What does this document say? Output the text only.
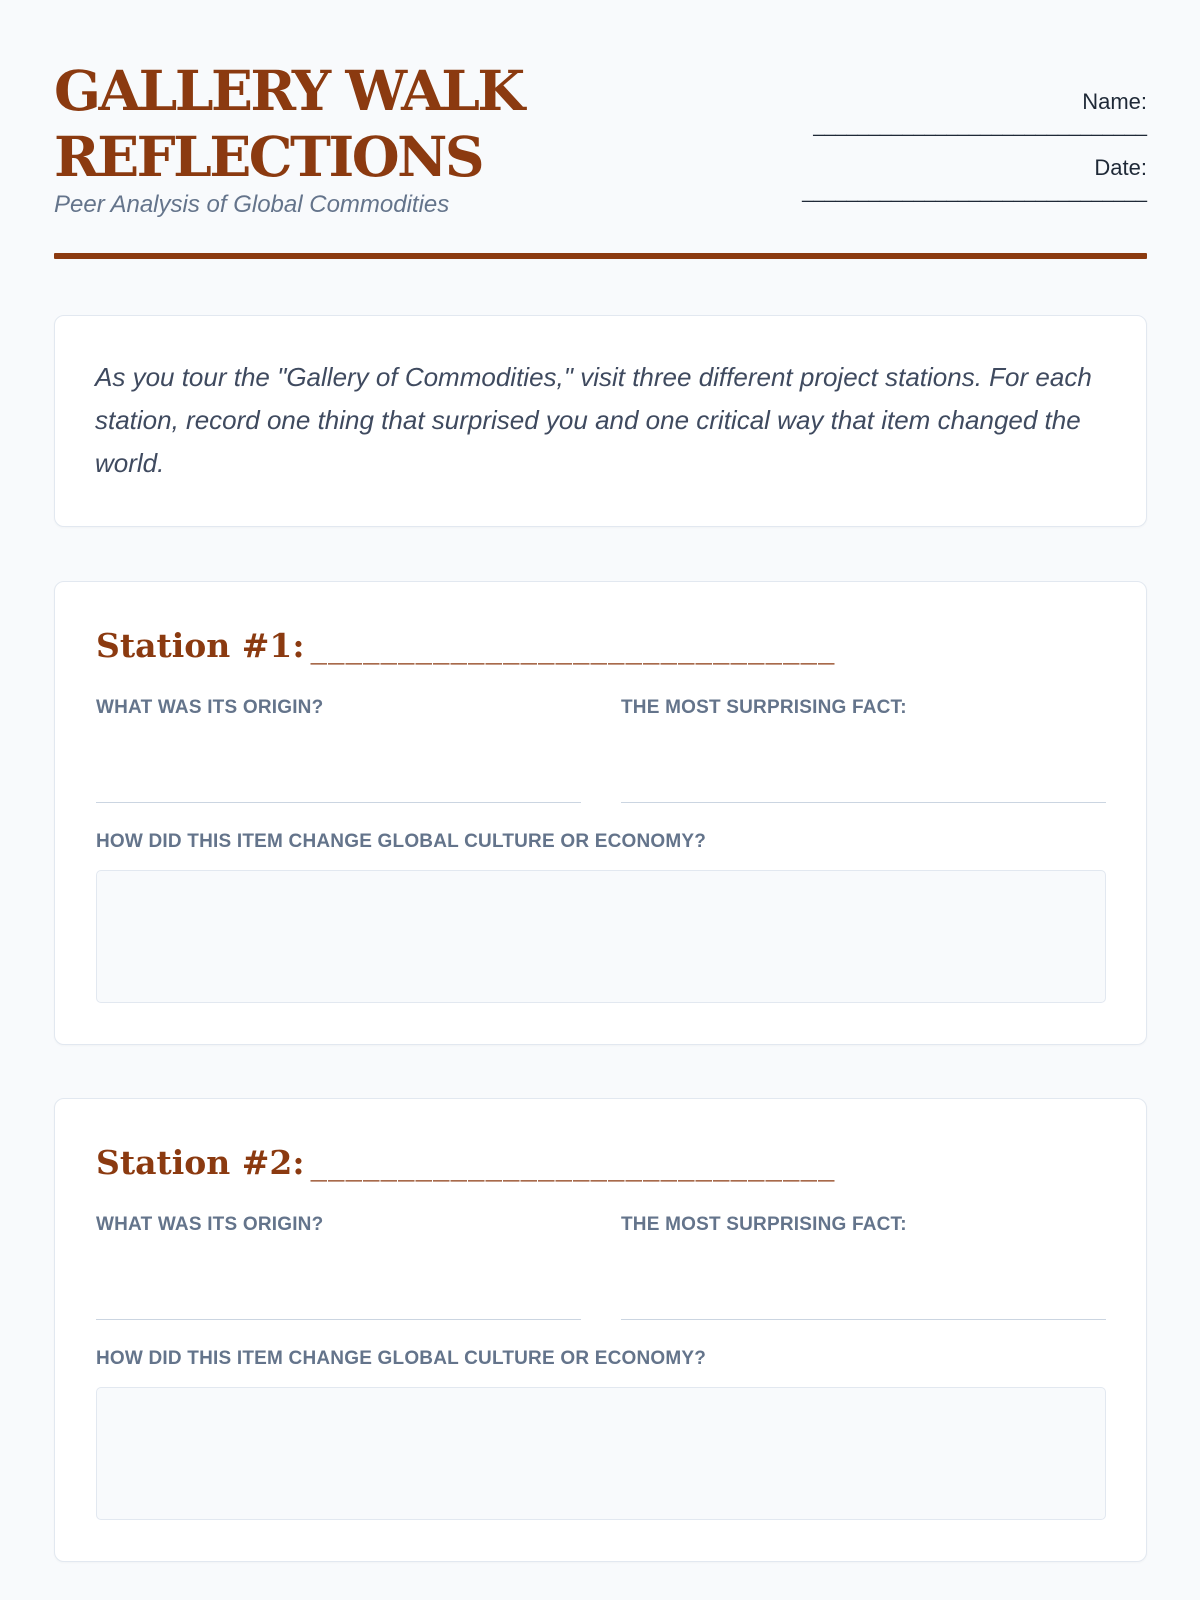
GALLERY WALK
REFLECTIONS
Peer Analysis of Global Commodities
Name:
______________________________
Date:
_______________________________

As you tour the "Gallery of Commodities," visit three different project stations. For each station, record one thing that surprised you and one critical way that item changed the world.

Station #1: ______________________________
WHAT WAS ITS ORIGIN?	THE MOST SURPRISING FACT:
HOW DID THIS ITEM CHANGE GLOBAL CULTURE OR ECONOMY?
Station #2: ______________________________
WHAT WAS ITS ORIGIN?	THE MOST SURPRISING FACT:
HOW DID THIS ITEM CHANGE GLOBAL CULTURE OR ECONOMY?
